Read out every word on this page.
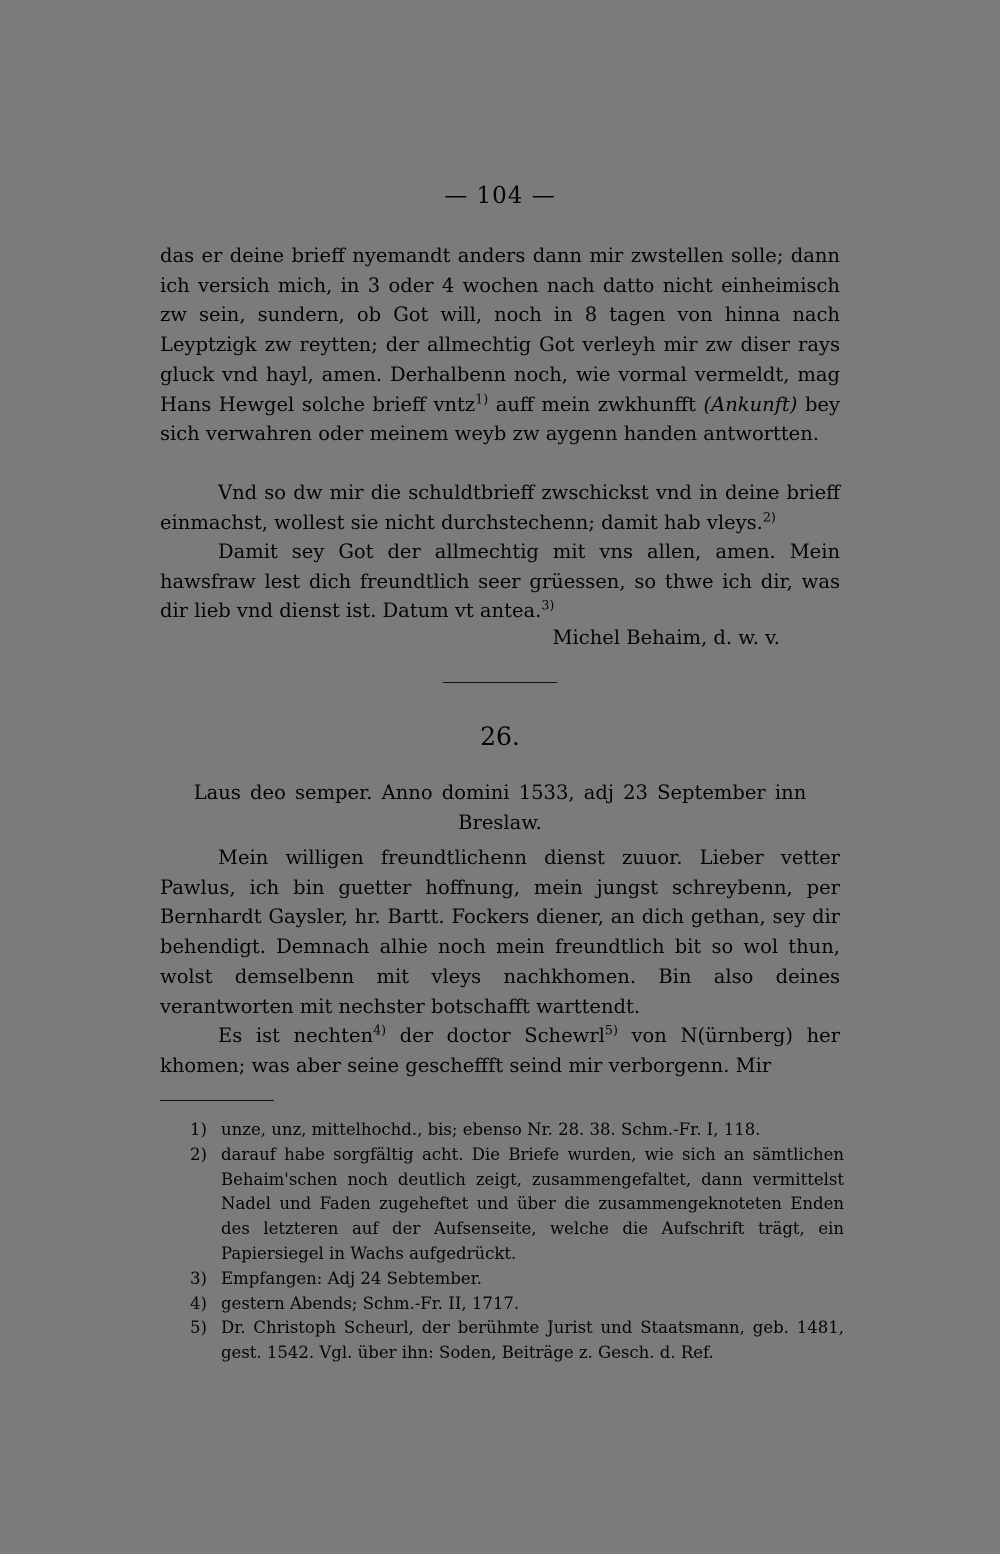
— 104 —
das er deine brieff nyemandt anders dann mir zwstellen solle; dann ich versich mich, in 3 oder 4 wochen nach datto nicht einheimisch zw sein, sundern, ob Got will, noch in 8 tagen von hinna nach Leyptzigk zw reytten; der allmechtig Got verleyh mir zw diser rays gluck vnd hayl, amen. Derhalbenn noch, wie vormal vermeldt, mag Hans Hewgel solche brieff vntz$^{1)}$ auff mein zwkhunfft (Ankunft) bey sich verwahren oder meinem weyb zw aygenn handen antwortten.
Vnd so dw mir die schuldtbrieff zwschickst vnd in deine brieff einmachst, wollest sie nicht durchstechenn; damit hab vleys.$^{2)}$
Damit sey Got der allmechtig mit vns allen, amen. Mein hawsfraw lest dich freundtlich seer grüessen, so thwe ich dir, was dir lieb vnd dienst ist. Datum vt antea.$^{3)}$
Michel Behaim, d. w. v.
26.
Laus deo semper. Anno domini 1533, adj 23 September inn
Breslaw.
Mein willigen freundtlichenn dienst zuuor. Lieber vetter Pawlus, ich bin guetter hoffnung, mein jungst schreybenn, per Bernhardt Gaysler, hr. Bartt. Fockers diener, an dich gethan, sey dir behendigt. Demnach alhie noch mein freundtlich bit so wol thun, wolst demselbenn mit vleys nachkhomen. Bin also deines verantworten mit nechster botschafft warttendt.
Es ist nechten$^{4)}$ der doctor Schewrl$^{5)}$ von N(ürnberg) her khomen; was aber seine gescheffft seind mir verborgenn. Mir
1) unze, unz, mittelhochd., bis; ebenso Nr. 28. 38. Schm.-Fr. I, 118.
2) darauf habe sorgfältig acht. Die Briefe wurden, wie sich an sämtlichen Behaim'schen noch deutlich zeigt, zusammengefaltet, dann vermittelst Nadel und Faden zugeheftet und über die zusammengeknoteten Enden des letzteren auf der Aufsenseite, welche die Aufschrift trägt, ein Papiersiegel in Wachs aufgedrückt.
3) Empfangen: Adj 24 Sebtember.
4) gestern Abends; Schm.-Fr. II, 1717.
5) Dr. Christoph Scheurl, der berühmte Jurist und Staatsmann, geb. 1481, gest. 1542. Vgl. über ihn: Soden, Beiträge z. Gesch. d. Ref.
